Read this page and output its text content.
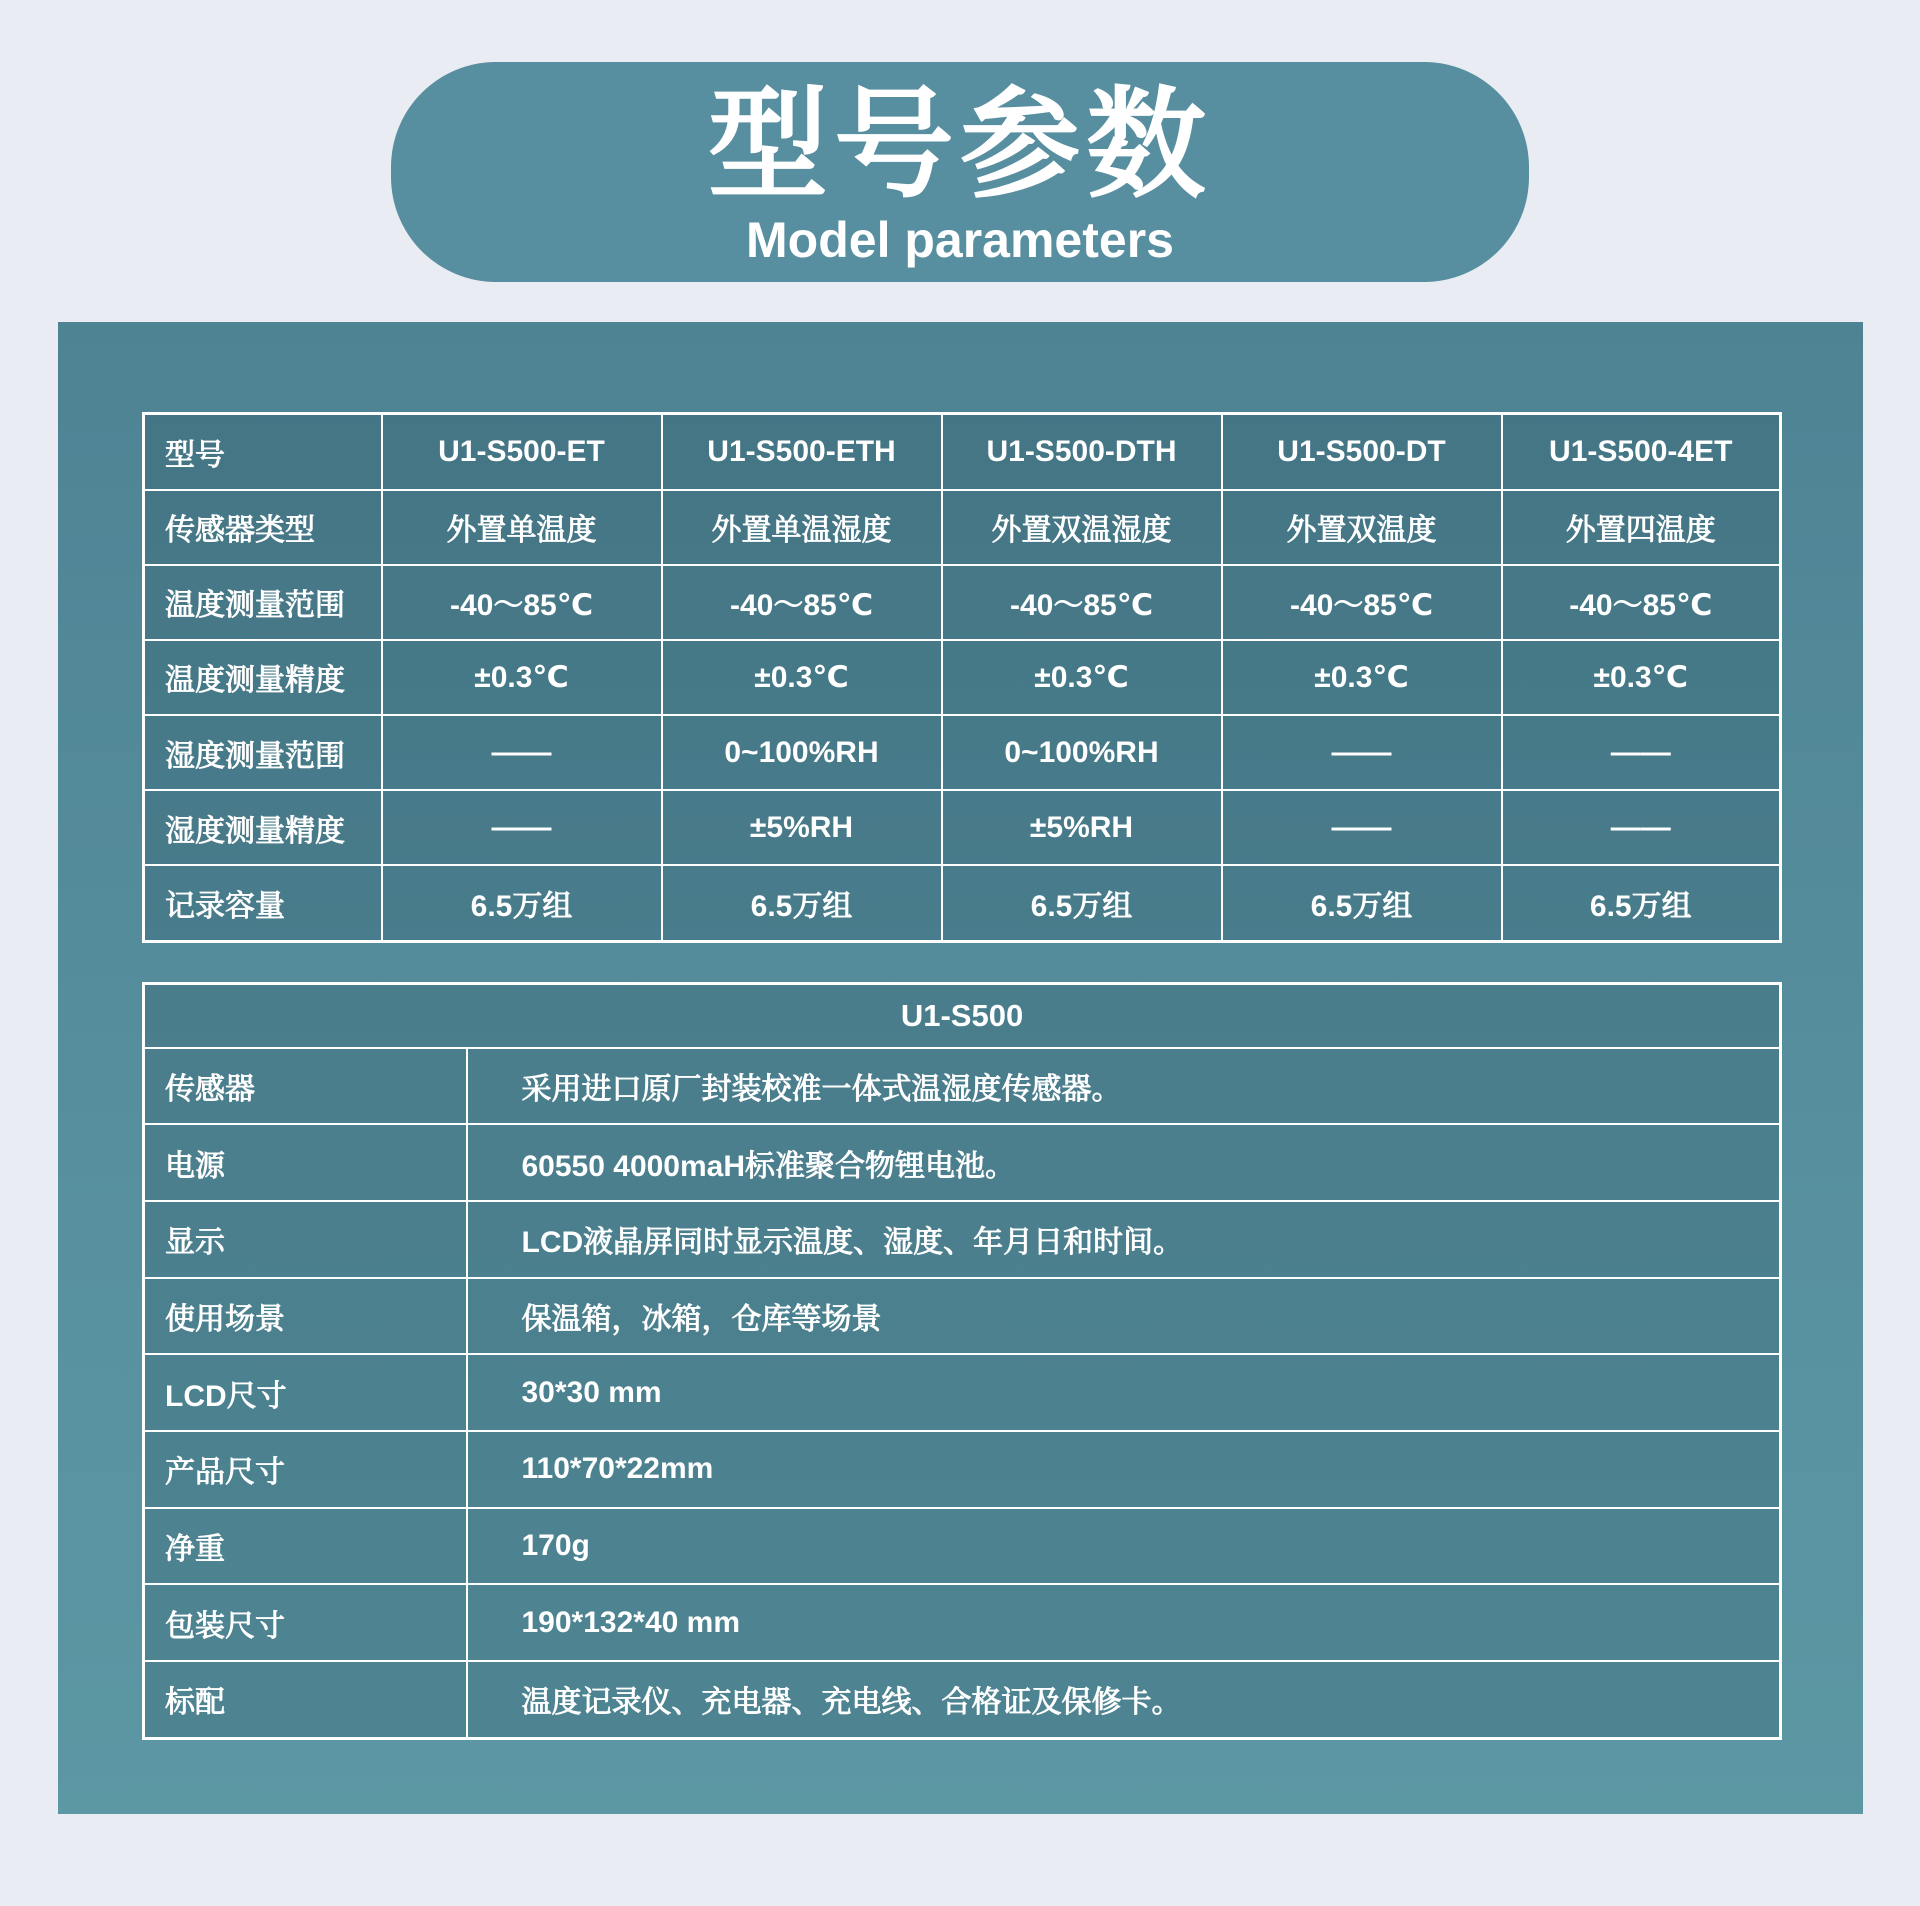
型号参数
Model parameters
型号	U1-S500-ET	U1-S500-ETH	U1-S500-DTH	U1-S500-DT	U1-S500-4ET
传感器类型	外置单温度	外置单温湿度	外置双温湿度	外置双温度	外置四温度
温度测量范围	-40～85℃	-40～85℃	-40～85℃	-40～85℃	-40～85℃
温度测量精度	±0.3℃	±0.3℃	±0.3℃	±0.3℃	±0.3℃
湿度测量范围	——	0~100%RH	0~100%RH	——	——
湿度测量精度	——	±5%RH	±5%RH	——	——
记录容量	6.5万组	6.5万组	6.5万组	6.5万组	6.5万组
U1-S500	
传感器	采用进口原厂封装校准一体式温湿度传感器。
电源	60550 4000maH标准聚合物锂电池。
显示	LCD液晶屏同时显示温度、湿度、年月日和时间。
使用场景	保温箱，冰箱，仓库等场景
LCD尺寸	30*30 mm
产品尺寸	110*70*22mm
净重	170g
包装尺寸	190*132*40 mm
标配	温度记录仪、充电器、充电线、合格证及保修卡。
